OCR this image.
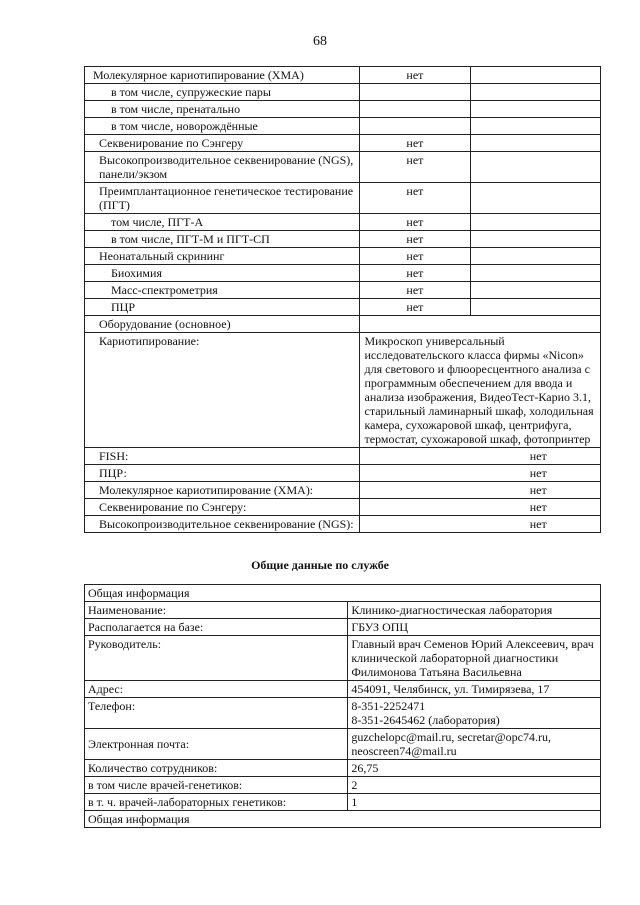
68
Молекулярное кариотипирование (ХМА)	нет	
в том числе, супружеские пары		
в том числе, пренатально		
в том числе, новорождённые		
Секвенирование по Сэнгеру	нет	
Высокопроизводительное секвенирование (NGS), панели/экзом	нет	
Преимплантационное генетическое тестирование (ПГТ)	нет	
том числе, ПГТ-А	нет	
в том числе, ПГТ-М и ПГТ-СП	нет	
Неонатальный скрининг	нет	
Биохимия	нет	
Масс-спектрометрия	нет	
ПЦР	нет	
Оборудование (основное)		
Кариотипирование:	Микроскоп универсальный исследовательского класса фирмы «Nicon» для светового и флюоресцентного анализа с программным обеспечением для ввода и анализа изображения, ВидеоТест-Карио 3.1, старильный ламинарный шкаф, холодильная камера, сухожаровой шкаф, центрифуга, термостат, сухожаровой шкаф, фотопринтер	
FISH:	нет	
ПЦР:	нет	
Молекулярное кариотипирование (ХМА):	нет	
Секвенирование по Сэнгеру:	нет	
Высокопроизводительное секвенирование (NGS):	нет	
Общие данные по службе
Общая информация	
Наименование:	Клинико-диагностическая лаборатория
Располагается на базе:	ГБУЗ ОПЦ
Руководитель:	Главный врач Семенов Юрий Алексеевич, врач клинической лабораторной диагностики Филимонова Татьяна Васильевна
Адрес:	454091, Челябинск, ул. Тимирязева, 17
Телефон:	8-351-2252471
8-351-2645462 (лаборатория)

Электронная почта:	guzchelopc@mail.ru, secretar@opc74.ru,
neoscreen74@mail.ru

Количество сотрудников:	26,75
в том числе врачей-генетиков:	2
в т. ч. врачей-лабораторных генетиков:	1
Общая информация	
